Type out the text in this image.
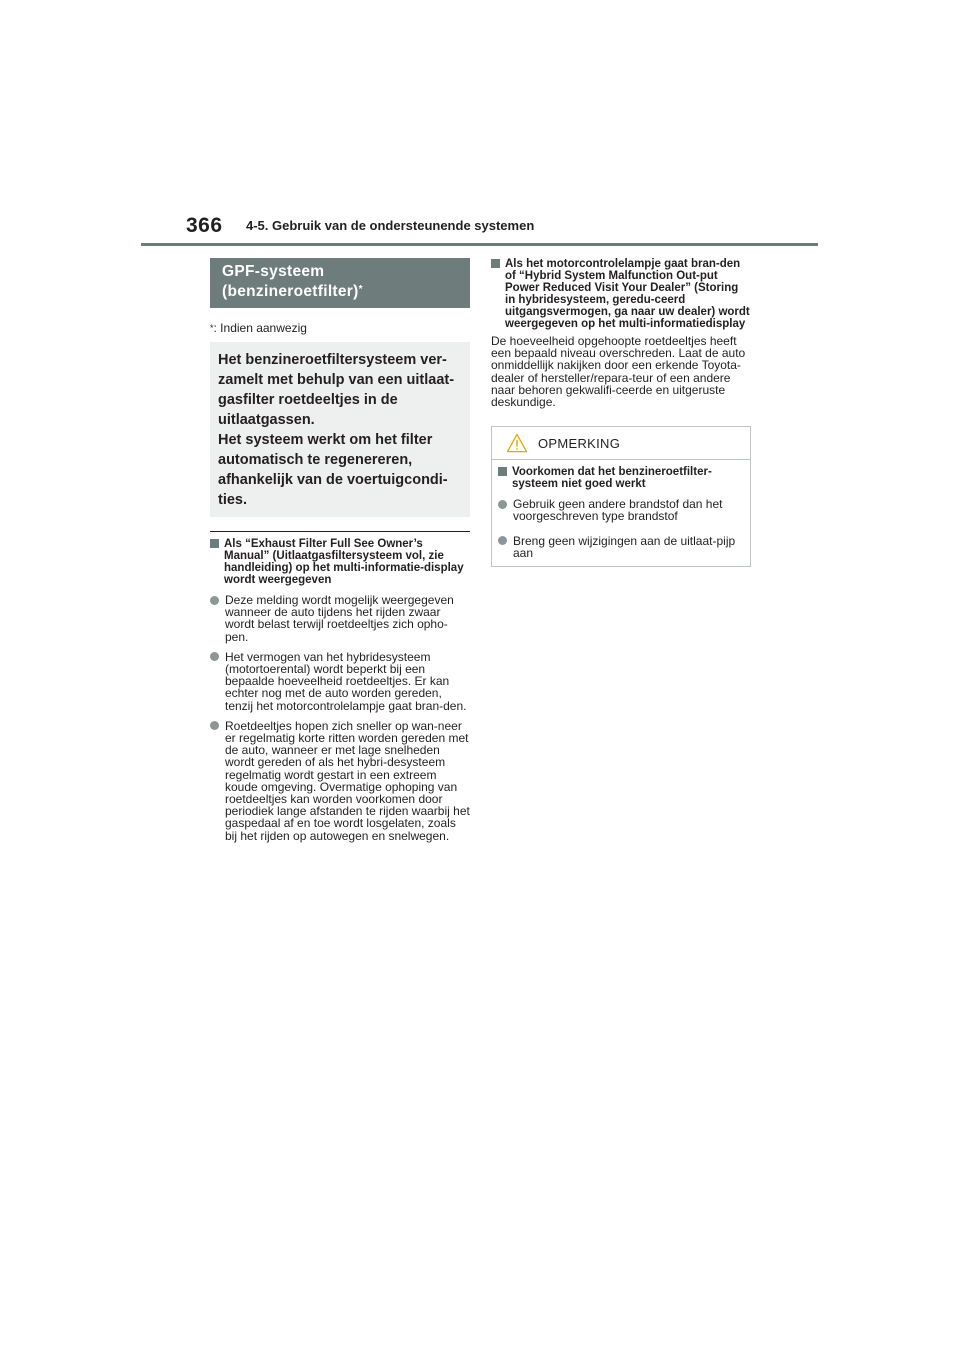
366 4-5. Gebruik van de ondersteunende systemen
GPF-systeem
(benzineroetfilter)*
*: Indien aanwezig
Het benzineroetfiltersysteem ver-
zamelt met behulp van een uitlaat-
gasfilter roetdeeltjes in de
uitlaatgassen.
Het systeem werkt om het filter
automatisch te regenereren,
afhankelijk van de voertuigcondi-
ties.
Als “Exhaust Filter Full See Owner’s Manual” (Uitlaatgasfiltersysteem vol, zie handleiding) op het multi-informatie-display wordt weergegeven
Deze melding wordt mogelijk weergegeven wanneer de auto tijdens het rijden zwaar wordt belast terwijl roetdeeltjes zich opho-pen.
Het vermogen van het hybridesysteem (motortoerental) wordt beperkt bij een bepaalde hoeveelheid roetdeeltjes. Er kan echter nog met de auto worden gereden, tenzij het motorcontrolelampje gaat bran-den.
Roetdeeltjes hopen zich sneller op wan-neer er regelmatig korte ritten worden gereden met de auto, wanneer er met lage snelheden wordt gereden of als het hybri-desysteem regelmatig wordt gestart in een extreem koude omgeving. Overmatige ophoping van roetdeeltjes kan worden voorkomen door periodiek lange afstanden te rijden waarbij het gaspedaal af en toe wordt losgelaten, zoals bij het rijden op autowegen en snelwegen.
Als het motorcontrolelampje gaat bran-den of “Hybrid System Malfunction Out-put Power Reduced Visit Your Dealer” (Storing in hybridesysteem, geredu-ceerd uitgangsvermogen, ga naar uw dealer) wordt weergegeven op het multi-informatiedisplay
De hoeveelheid opgehoopte roetdeeltjes heeft een bepaald niveau overschreden. Laat de auto onmiddellijk nakijken door een erkende Toyota-dealer of hersteller/repara-teur of een andere naar behoren gekwalifi-ceerde en uitgeruste deskundige.
OPMERKING
Voorkomen dat het benzineroetfilter-systeem niet goed werkt
Gebruik geen andere brandstof dan het voorgeschreven type brandstof
Breng geen wijzigingen aan de uitlaat-pijp aan
